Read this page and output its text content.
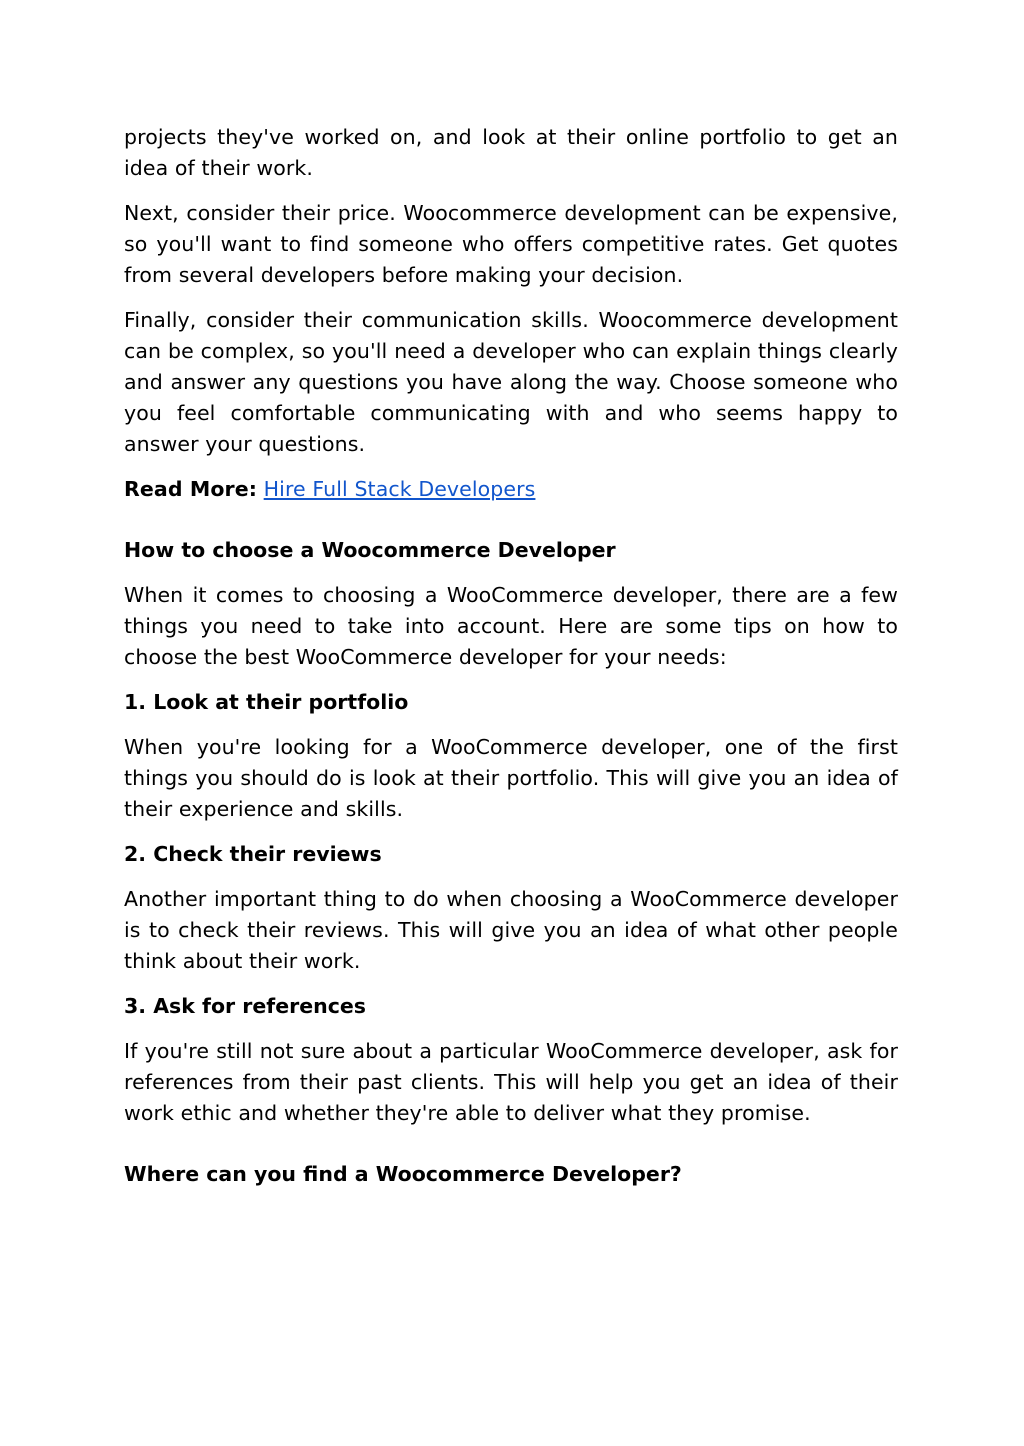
projects they've worked on, and look at their online portfolio to get an idea of their work.

Next, consider their price. Woocommerce development can be expensive, so you'll want to find someone who offers competitive rates. Get quotes from several developers before making your decision.

Finally, consider their communication skills. Woocommerce development can be complex, so you'll need a developer who can explain things clearly and answer any questions you have along the way. Choose someone who you feel comfortable communicating with and who seems happy to answer your questions.

Read More: Hire Full Stack Developers

How to choose a Woocommerce Developer

When it comes to choosing a WooCommerce developer, there are a few things you need to take into account. Here are some tips on how to choose the best WooCommerce developer for your needs:

1. Look at their portfolio

When you're looking for a WooCommerce developer, one of the first things you should do is look at their portfolio. This will give you an idea of their experience and skills.

2. Check their reviews

Another important thing to do when choosing a WooCommerce developer is to check their reviews. This will give you an idea of what other people think about their work.

3. Ask for references

If you're still not sure about a particular WooCommerce developer, ask for references from their past clients. This will help you get an idea of their work ethic and whether they're able to deliver what they promise.

Where can you find a Woocommerce Developer?
